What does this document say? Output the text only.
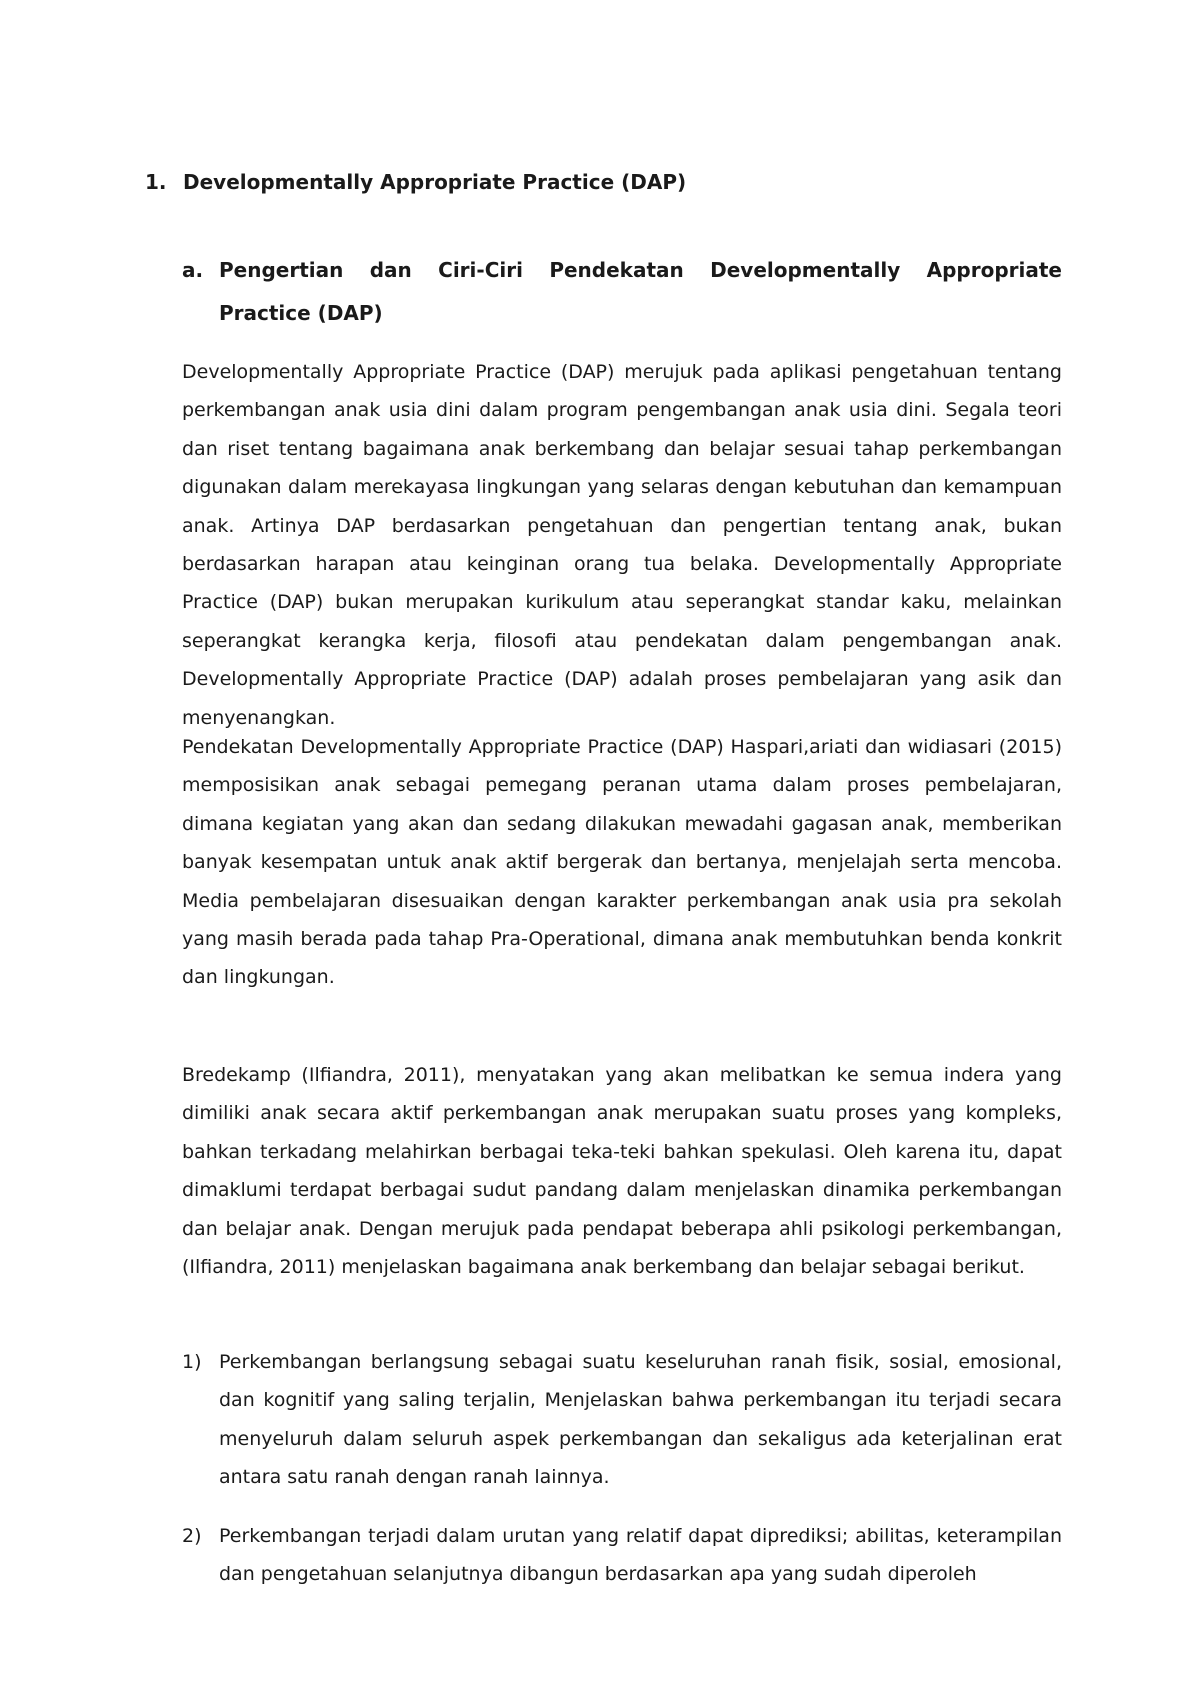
1. Developmentally Appropriate Practice (DAP)
a. Pengertian dan Ciri-Ciri Pendekatan Developmentally Appropriate Practice (DAP)

Developmentally Appropriate Practice (DAP) merujuk pada aplikasi pengetahuan tentang perkembangan anak usia dini dalam program pengembangan anak usia dini. Segala teori dan riset tentang bagaimana anak berkembang dan belajar sesuai tahap perkembangan digunakan dalam merekayasa lingkungan yang selaras dengan kebutuhan dan kemampuan anak. Artinya DAP berdasarkan pengetahuan dan pengertian tentang anak, bukan berdasarkan harapan atau keinginan orang tua belaka. Developmentally Appropriate Practice (DAP) bukan merupakan kurikulum atau seperangkat standar kaku, melainkan seperangkat kerangka kerja, filosofi atau pendekatan dalam pengembangan anak. Developmentally Appropriate Practice (DAP) adalah proses pembelajaran yang asik dan menyenangkan.

Pendekatan Developmentally Appropriate Practice (DAP) Haspari,ariati dan widiasari (2015) memposisikan anak sebagai pemegang peranan utama dalam proses pembelajaran, dimana kegiatan yang akan dan sedang dilakukan mewadahi gagasan anak, memberikan banyak kesempatan untuk anak aktif bergerak dan bertanya, menjelajah serta mencoba. Media pembelajaran disesuaikan dengan karakter perkembangan anak usia pra sekolah yang masih berada pada tahap Pra-Operational, dimana anak membutuhkan benda konkrit dan lingkungan.

Bredekamp (Ilfiandra, 2011), menyatakan yang akan melibatkan ke semua indera yang dimiliki anak secara aktif perkembangan anak merupakan suatu proses yang kompleks, bahkan terkadang melahirkan berbagai teka-teki bahkan spekulasi. Oleh karena itu, dapat dimaklumi terdapat berbagai sudut pandang dalam menjelaskan dinamika perkembangan dan belajar anak. Dengan merujuk pada pendapat beberapa ahli psikologi perkembangan, (Ilfiandra, 2011) menjelaskan bagaimana anak berkembang dan belajar sebagai berikut.

1) Perkembangan berlangsung sebagai suatu keseluruhan ranah fisik, sosial, emosional, dan kognitif yang saling terjalin, Menjelaskan bahwa perkembangan itu terjadi secara menyeluruh dalam seluruh aspek perkembangan dan sekaligus ada keterjalinan erat antara satu ranah dengan ranah lainnya.
2) Perkembangan terjadi dalam urutan yang relatif dapat diprediksi; abilitas, keterampilan dan pengetahuan selanjutnya dibangun berdasarkan apa yang sudah diperoleh
